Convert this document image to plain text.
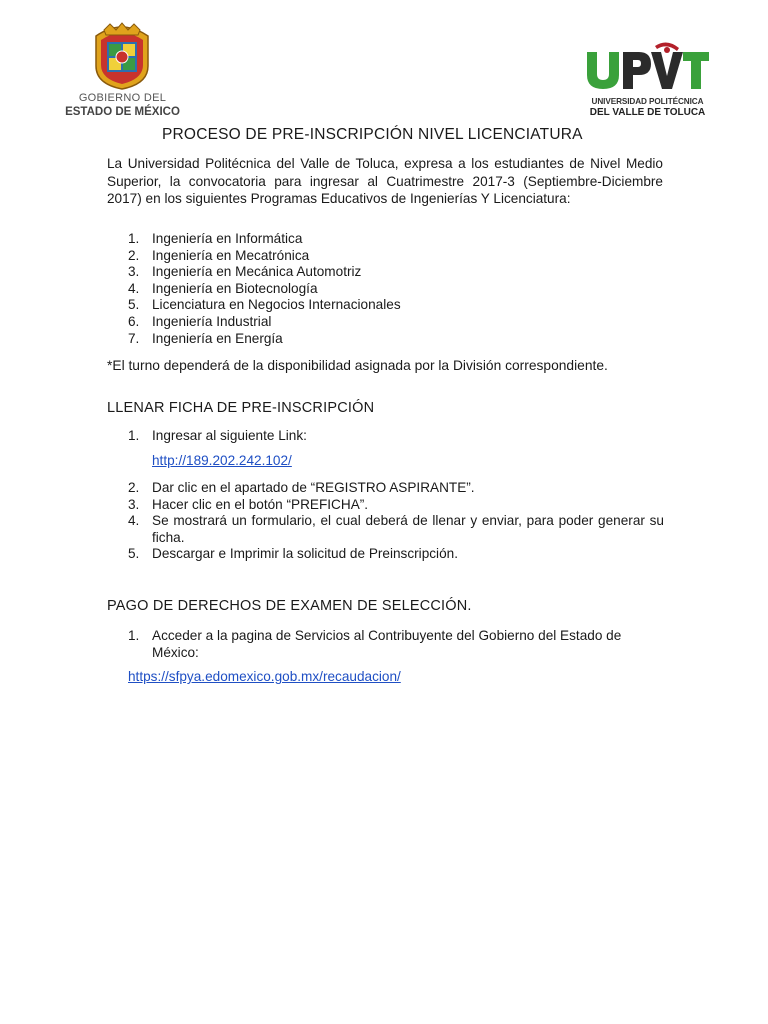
GOBIERNO DEL
ESTADO DE MÉXICO
UNIVERSIDAD POLITÉCNICA
DEL VALLE DE TOLUCA
PROCESO DE PRE-INSCRIPCIÓN NIVEL LICENCIATURA
La Universidad Politécnica del Valle de Toluca, expresa a los estudiantes de Nivel Medio Superior, la convocatoria para ingresar al Cuatrimestre 2017-3 (Septiembre-Diciembre 2017) en los siguientes Programas Educativos de Ingenierías Y Licenciatura:
1. Ingeniería en Informática
2. Ingeniería en Mecatrónica
3. Ingeniería en Mecánica Automotriz
4. Ingeniería en Biotecnología
5. Licenciatura en Negocios Internacionales
6. Ingeniería Industrial
7. Ingeniería en Energía
*El turno dependerá de la disponibilidad asignada por la División correspondiente.
LLENAR FICHA DE PRE-INSCRIPCIÓN
1. Ingresar al siguiente Link:
http://189.202.242.102/
2. Dar clic en el apartado de “REGISTRO ASPIRANTE”.
3. Hacer clic en el botón “PREFICHA”.
4. Se mostrará un formulario, el cual deberá de llenar y enviar, para poder generar su ficha.
5. Descargar e Imprimir la solicitud de Preinscripción.
PAGO DE DERECHOS DE EXAMEN DE SELECCIÓN.
1. Acceder a la pagina de Servicios al Contribuyente del Gobierno del Estado de México:
https://sfpya.edomexico.gob.mx/recaudacion/
